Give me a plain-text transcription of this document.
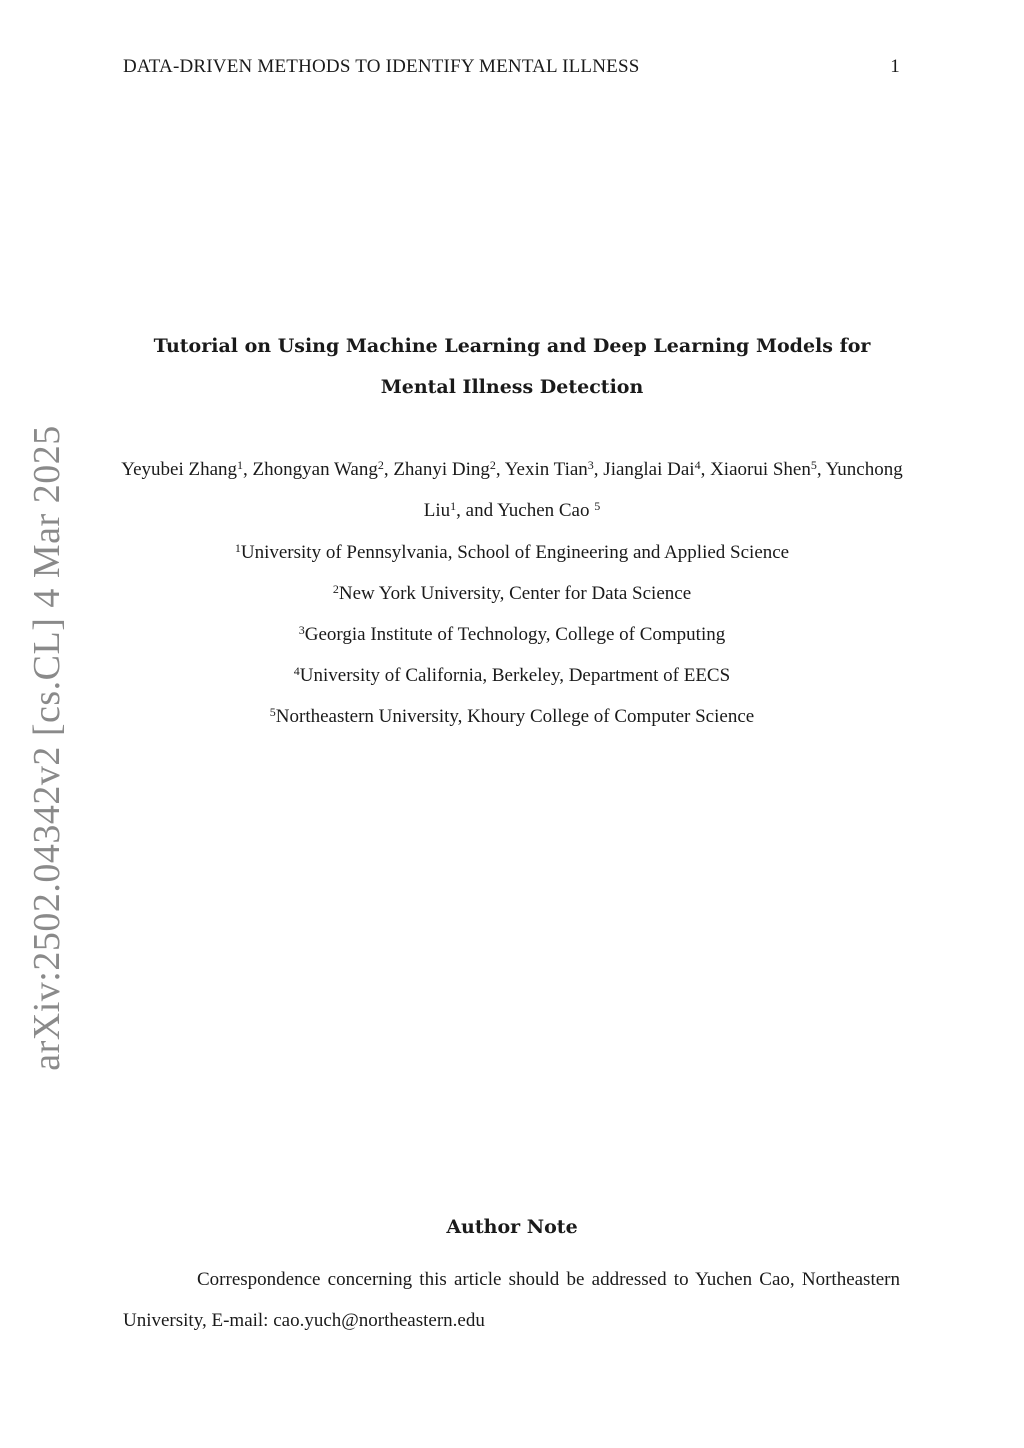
DATA-DRIVEN METHODS TO IDENTIFY MENTAL ILLNESS	1
arXiv:2502.04342v2 [cs.CL] 4 Mar 2025
Tutorial on Using Machine Learning and Deep Learning Models for Mental Illness Detection
Yeyubei Zhang$^1$, Zhongyan Wang$^2$, Zhanyi Ding$^2$, Yexin Tian$^3$, Jianglai Dai$^4$, Xiaorui Shen$^5$, Yunchong Liu$^1$, and Yuchen Cao $^5$
$^1$University of Pennsylvania, School of Engineering and Applied Science
$^2$New York University, Center for Data Science
$^3$Georgia Institute of Technology, College of Computing
$^4$University of California, Berkeley, Department of EECS
$^5$Northeastern University, Khoury College of Computer Science
Author Note
Correspondence concerning this article should be addressed to Yuchen Cao, Northeastern University, E-mail: cao.yuch@northeastern.edu
